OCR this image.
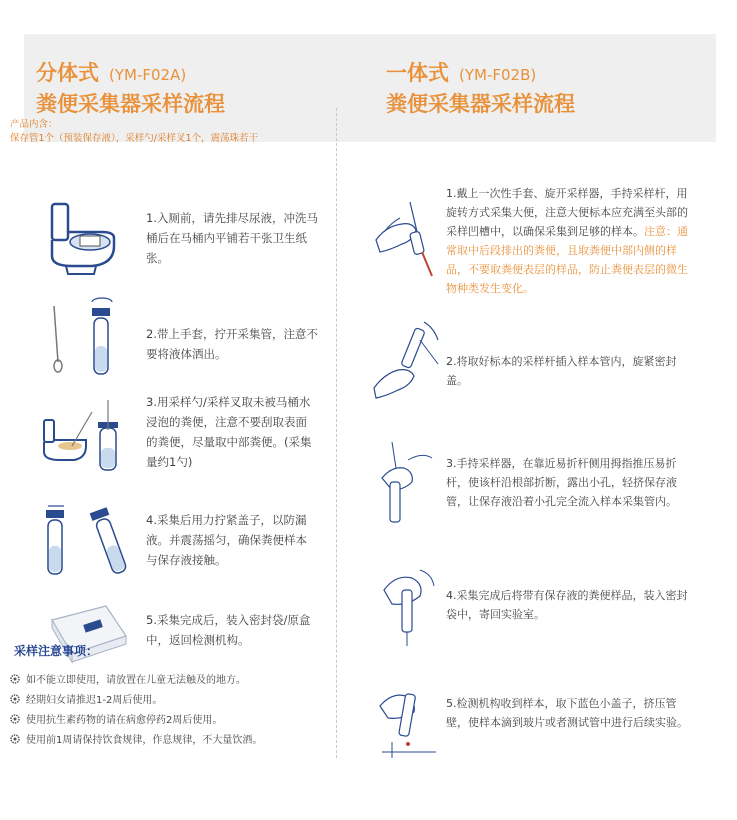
分体式 (YM-F02A)
粪便采集器采样流程
一体式 (YM-F02B)
粪便采集器采样流程
产品内含：
保存管1个（预装保存液），采样勺/采样叉1个，震荡珠若干
1.入厕前，请先排尽尿液，冲洗马桶后在马桶内平铺若干张卫生纸张。
2.带上手套，拧开采集管，注意不要将液体洒出。
3.用采样勺/采样叉取未被马桶水浸泡的粪便，注意不要刮取表面的粪便，尽量取中部粪便。(采集量约1勺)
4.采集后用力拧紧盖子，以防漏液。并震荡摇匀，确保粪便样本与保存液接触。
5.采集完成后，装入密封袋/原盒中，返回检测机构。
采样注意事项：
如不能立即使用，请放置在儿童无法触及的地方。
经期妇女请推迟1-2周后使用。
使用抗生素药物的请在病愈停药2周后使用。
使用前1周请保持饮食规律，作息规律，不大量饮酒。
1.戴上一次性手套、旋开采样器，手持采样杆，用旋转方式采集大便，注意大便标本应充满至头部的采样凹槽中，以确保采集到足够的样本。注意：通常取中后段排出的粪便，且取粪便中部内侧的样品，不要取粪便表层的样品，防止粪便表层的微生物种类发生变化。
2.将取好标本的采样杆插入样本管内，旋紧密封盖。
3.手持采样器，在靠近易折杆侧用拇指推压易折杆，使该杆沿根部折断，露出小孔，轻挤保存液管，让保存液沿着小孔完全流入样本采集管内。
4.采集完成后将带有保存液的粪便样品，装入密封袋中，寄回实验室。
5.检测机构收到样本，取下蓝色小盖子，挤压管壁，使样本滴到玻片或者测试管中进行后续实验。
